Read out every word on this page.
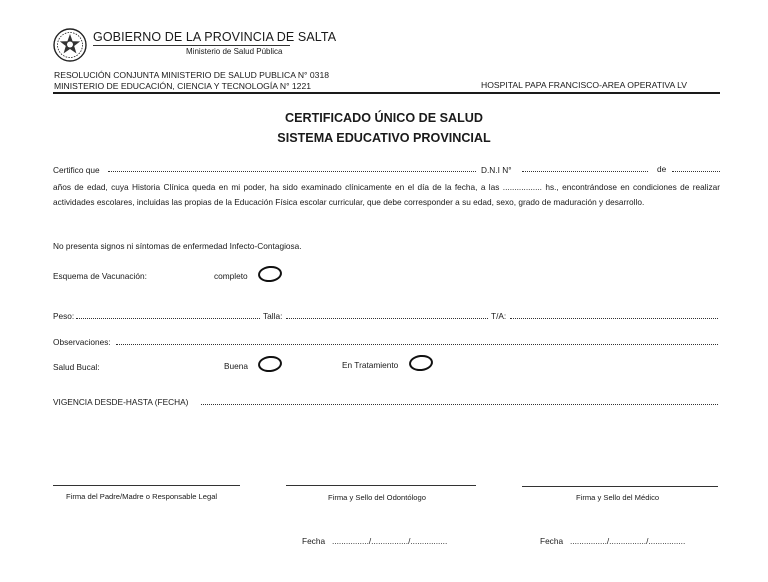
GOBIERNO DE LA PROVINCIA DE SALTA
Ministerio de Salud Pública
RESOLUCIÓN CONJUNTA MINISTERIO DE SALUD PUBLICA N° 0318
MINISTERIO DE EDUCACIÓN, CIENCIA Y TECNOLOGÍA N° 1221	HOSPITAL PAPA FRANCISCO-AREA OPERATIVA LV
CERTIFICADO ÚNICO DE SALUD
SISTEMA EDUCATIVO PROVINCIAL
Certifico que	D.N.I N°	de
años de edad, cuya Historia Clínica queda en mi poder, ha sido examinado clínicamente en el día de la fecha, a las ................. hs., encontrándose en condiciones de realizar actividades escolares, incluidas las propias de la Educación Física escolar curricular, que debe corresponder a su edad, sexo, grado de maduración y desarrollo.
No presenta signos ni síntomas de enfermedad Infecto-Contagiosa.
Esquema de Vacunación:	completo
Peso:	Talla:	T/A:
Observaciones:
Salud Bucal:	Buena	En Tratamiento
VIGENCIA DESDE-HASTA (FECHA)
Firma del Padre/Madre o Responsable Legal	Firma y Sello del Odontólogo	Firma y Sello del Médico
Fecha ................/................/................	Fecha ................/................/................
